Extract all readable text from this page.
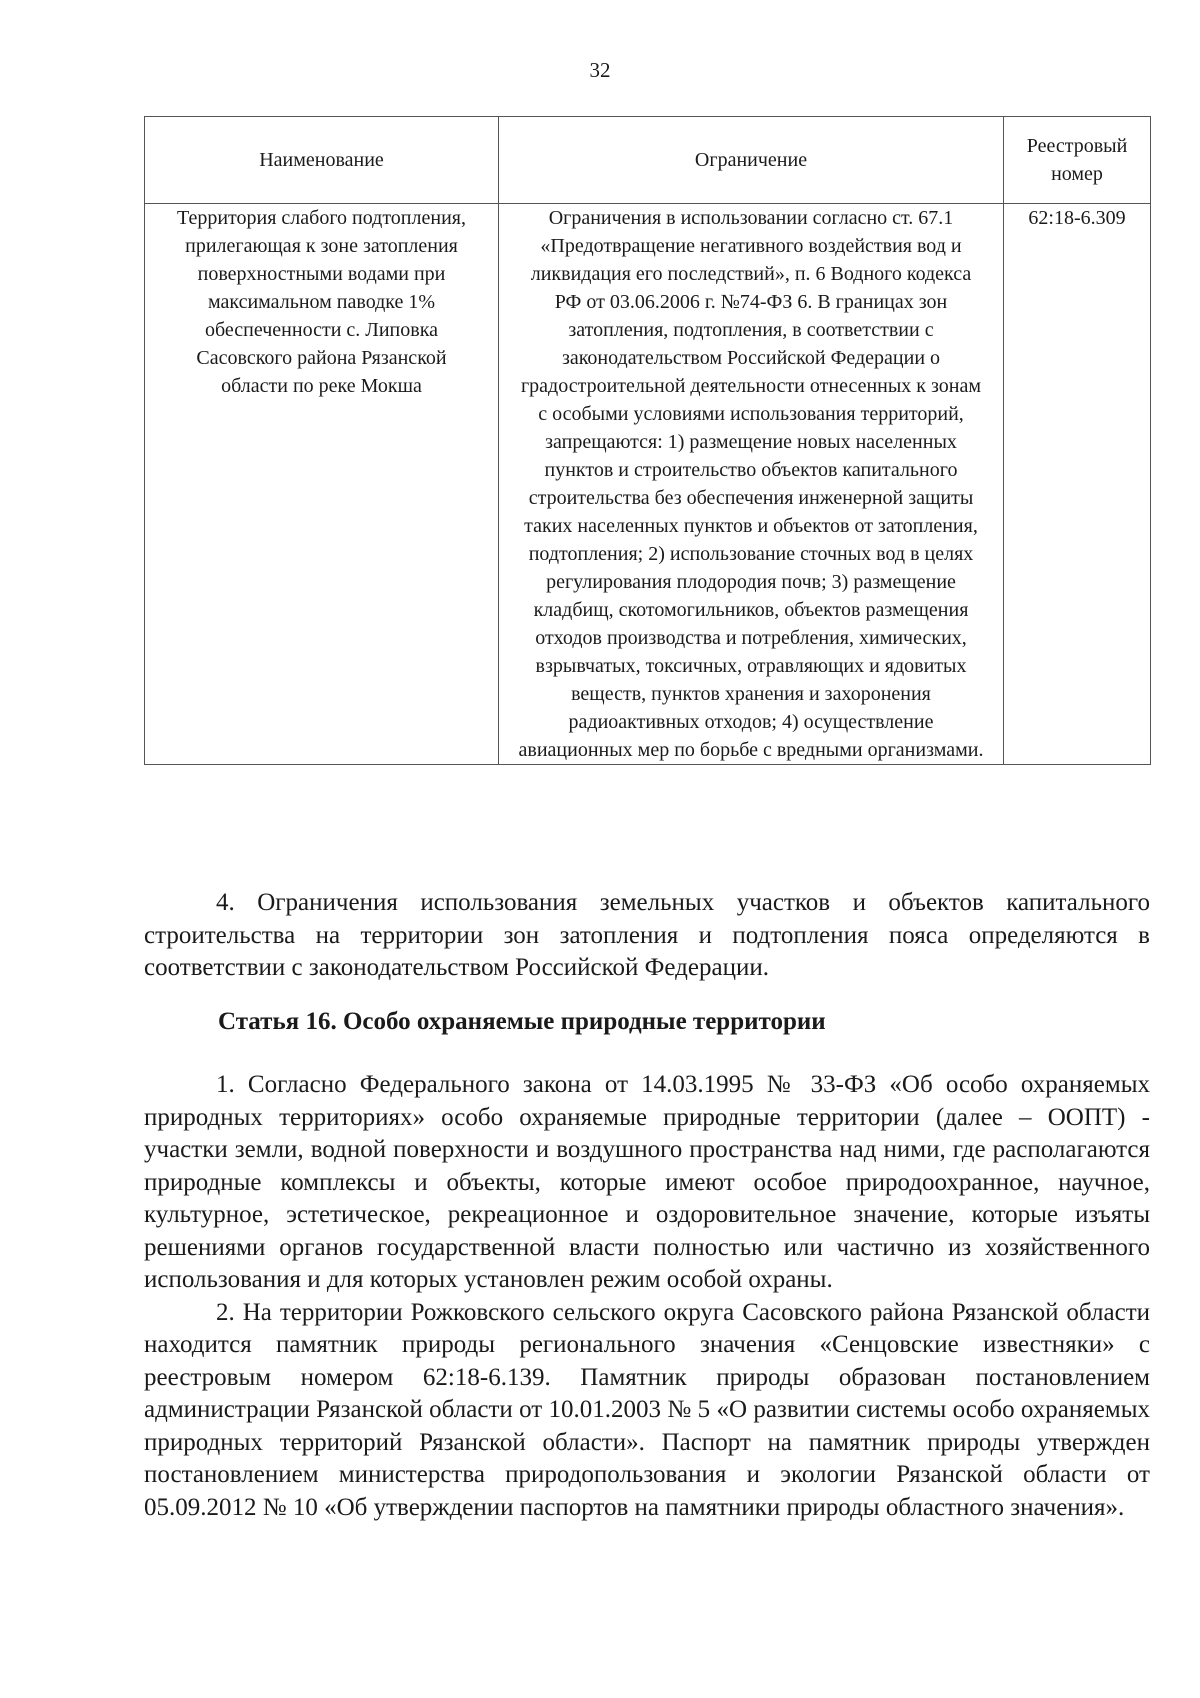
32
Наименование	Ограничение	Реестровый номер
Территория слабого подтопления, прилегающая к зоне затопления поверхностными водами при максимальном паводке 1% обеспеченности с. Липовка Сасовского района Рязанской области по реке Мокша	Ограничения в использовании согласно ст. 67.1 «Предотвращение негативного воздействия вод и ликвидация его последствий», п. 6 Водного кодекса РФ от 03.06.2006 г. №74-ФЗ 6. В границах зон затопления, подтопления, в соответствии с законодательством Российской Федерации о градостроительной деятельности отнесенных к зонам с особыми условиями использования территорий, запрещаются: 1) размещение новых населенных пунктов и строительство объектов капитального строительства без обеспечения инженерной защиты таких населенных пунктов и объектов от затопления, подтопления; 2) использование сточных вод в целях регулирования плодородия почв; 3) размещение кладбищ, скотомогильников, объектов размещения отходов производства и потребления, химических, взрывчатых, токсичных, отравляющих и ядовитых веществ, пунктов хранения и захоронения радиоактивных отходов; 4) осуществление авиационных мер по борьбе с вредными организмами.	62:18-6.309

4. Ограничения использования земельных участков и объектов капитального строительства на территории зон затопления и подтопления пояса определяются в соответствии с законодательством Российской Федерации.

Статья 16. Особо охраняемые природные территории

1. Согласно Федерального закона от 14.03.1995 № 33-ФЗ «Об особо охраняемых природных территориях» особо охраняемые природные территории (далее – ООПТ) - участки земли, водной поверхности и воздушного пространства над ними, где располагаются природные комплексы и объекты, которые имеют особое природоохранное, научное, культурное, эстетическое, рекреационное и оздоровительное значение, которые изъяты решениями органов государственной власти полностью или частично из хозяйственного использования и для которых установлен режим особой охраны.

2. На территории Рожковского сельского округа Сасовского района Рязанской области находится памятник природы регионального значения «Сенцовские известняки» с реестровым номером 62:18-6.139. Памятник природы образован постановлением администрации Рязанской области от 10.01.2003 № 5 «О развитии системы особо охраняемых природных территорий Рязанской области». Паспорт на памятник природы утвержден постановлением министерства природопользования и экологии Рязанской области от 05.09.2012 № 10 «Об утверждении паспортов на памятники природы областного значения».
